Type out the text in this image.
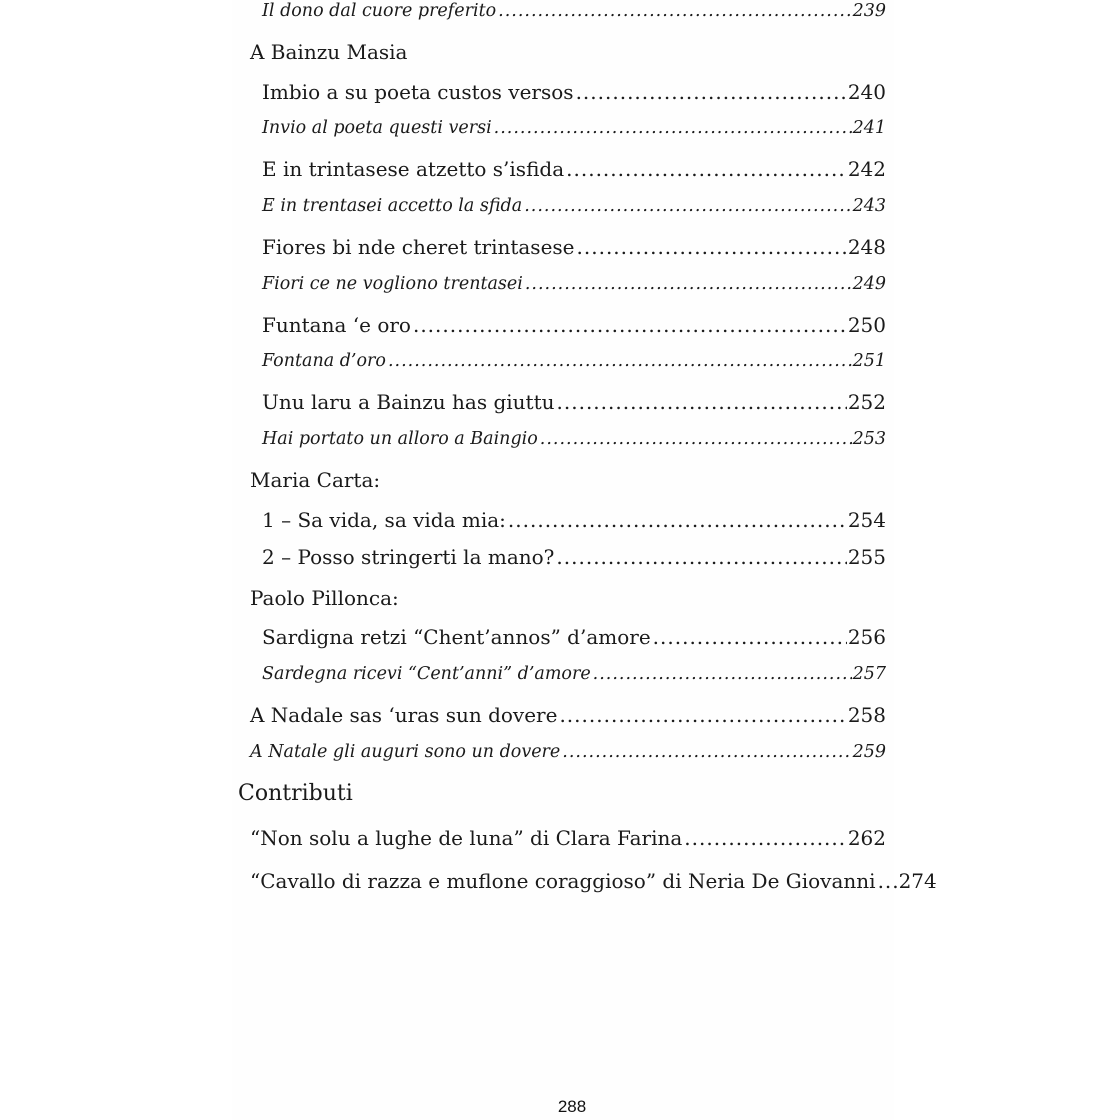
Il dono dal cuore preferito .....	239
A Bainzu Masia
Imbio a su poeta custos versos .....	240
Invio al poeta questi versi .....	241
E in trintasese atzetto s’isfida .....	242
E in trentasei accetto la sfida .....	243
Fiores bi nde cheret trintasese .....	248
Fiori ce ne vogliono trentasei .....	249
Funtana ‘e oro .....	250
Fontana d’oro .....	251
Unu laru a Bainzu has giuttu .....	252
Hai portato un alloro a Baingio .....	253
Maria Carta:
1 – Sa vida, sa vida mia: .....	254
2 – Posso stringerti la mano? .....	255
Paolo Pillonca:
Sardigna retzi “Chent’annos” d’amore .....	256
Sardegna ricevi “Cent’anni” d’amore .....	257
A Nadale sas ‘uras sun dovere .....	258
A Natale gli auguri sono un dovere .....	259
Contributi
“Non solu a lughe de luna” di Clara Farina .....	262
“Cavallo di razza e muflone coraggioso” di Neria De Giovanni ..... 274
288
